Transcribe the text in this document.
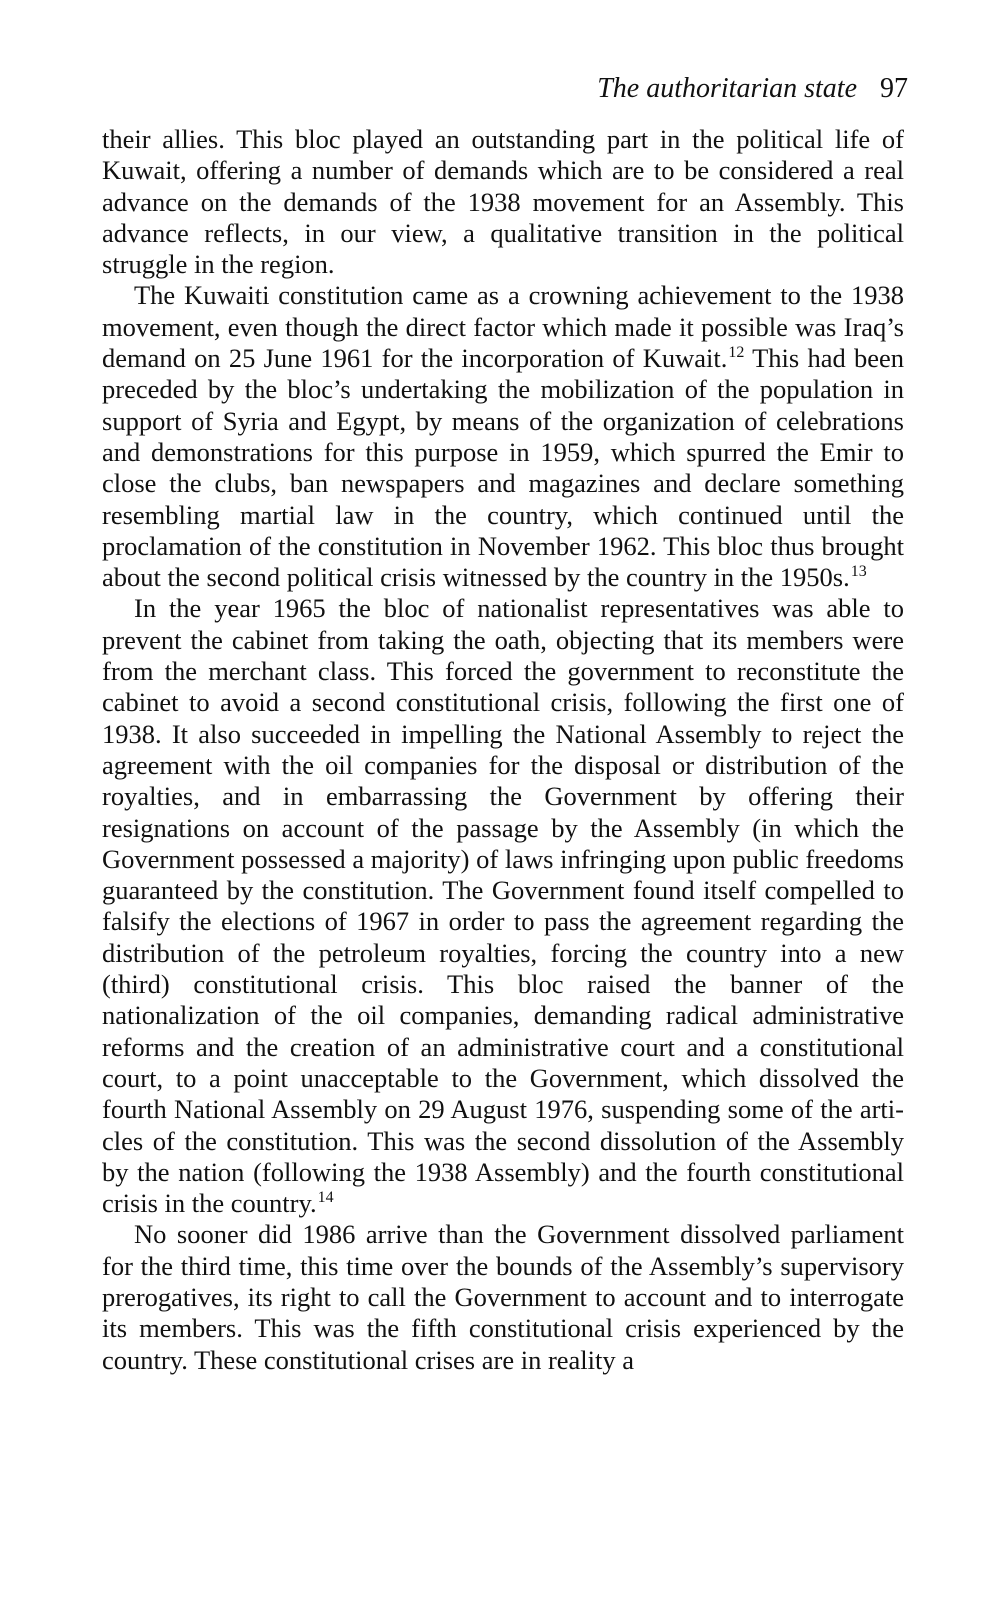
The authoritarian state 97

their allies. This bloc played an outstanding part in the political life of Kuwait, offering a number of demands which are to be considered a real advance on the demands of the 1938 movement for an Assembly. This advance reflects, in our view, a qualitative transition in the political struggle in the region.

The Kuwaiti constitution came as a crowning achievement to the 1938 movement, even though the direct factor which made it possible was Iraq’s demand on 25 June 1961 for the incorporation of Kuwait.$^{12}$ This had been preceded by the bloc’s undertaking the mobilization of the population in support of Syria and Egypt, by means of the organization of celebrations and demonstrations for this purpose in 1959, which spurred the Emir to close the clubs, ban newspapers and magazines and declare something resembling martial law in the country, which continued until the proclamation of the constitution in November 1962. This bloc thus brought about the second political crisis witnessed by the country in the 1950s.$^{13}$

In the year 1965 the bloc of nationalist representatives was able to prevent the cabinet from taking the oath, objecting that its members were from the merchant class. This forced the government to reconstitute the cabinet to avoid a second constitutional crisis, following the first one of 1938. It also succeeded in impelling the National Assembly to reject the agreement with the oil companies for the disposal or distribution of the royalties, and in embarrassing the Government by offering their resignations on account of the passage by the Assembly (in which the Government possessed a majority) of laws infringing upon public freedoms guaranteed by the constitution. The Government found itself compelled to falsify the elections of 1967 in order to pass the agreement regarding the distribution of the petroleum royalties, forcing the country into a new (third) constitutional crisis. This bloc raised the banner of the nationalization of the oil companies, demanding radical administrative reforms and the creation of an administrative court and a constitutional court, to a point unacceptable to the Government, which dissolved the fourth National Assembly on 29 August 1976, suspending some of the articles of the constitution. This was the second dissolution of the Assembly by the nation (following the 1938 Assembly) and the fourth constitutional crisis in the country.$^{14}$

No sooner did 1986 arrive than the Government dissolved parliament for the third time, this time over the bounds of the Assembly’s supervisory prerogatives, its right to call the Government to account and to interrogate its members. This was the fifth constitutional crisis experienced by the country. These constitutional crises are in reality a
